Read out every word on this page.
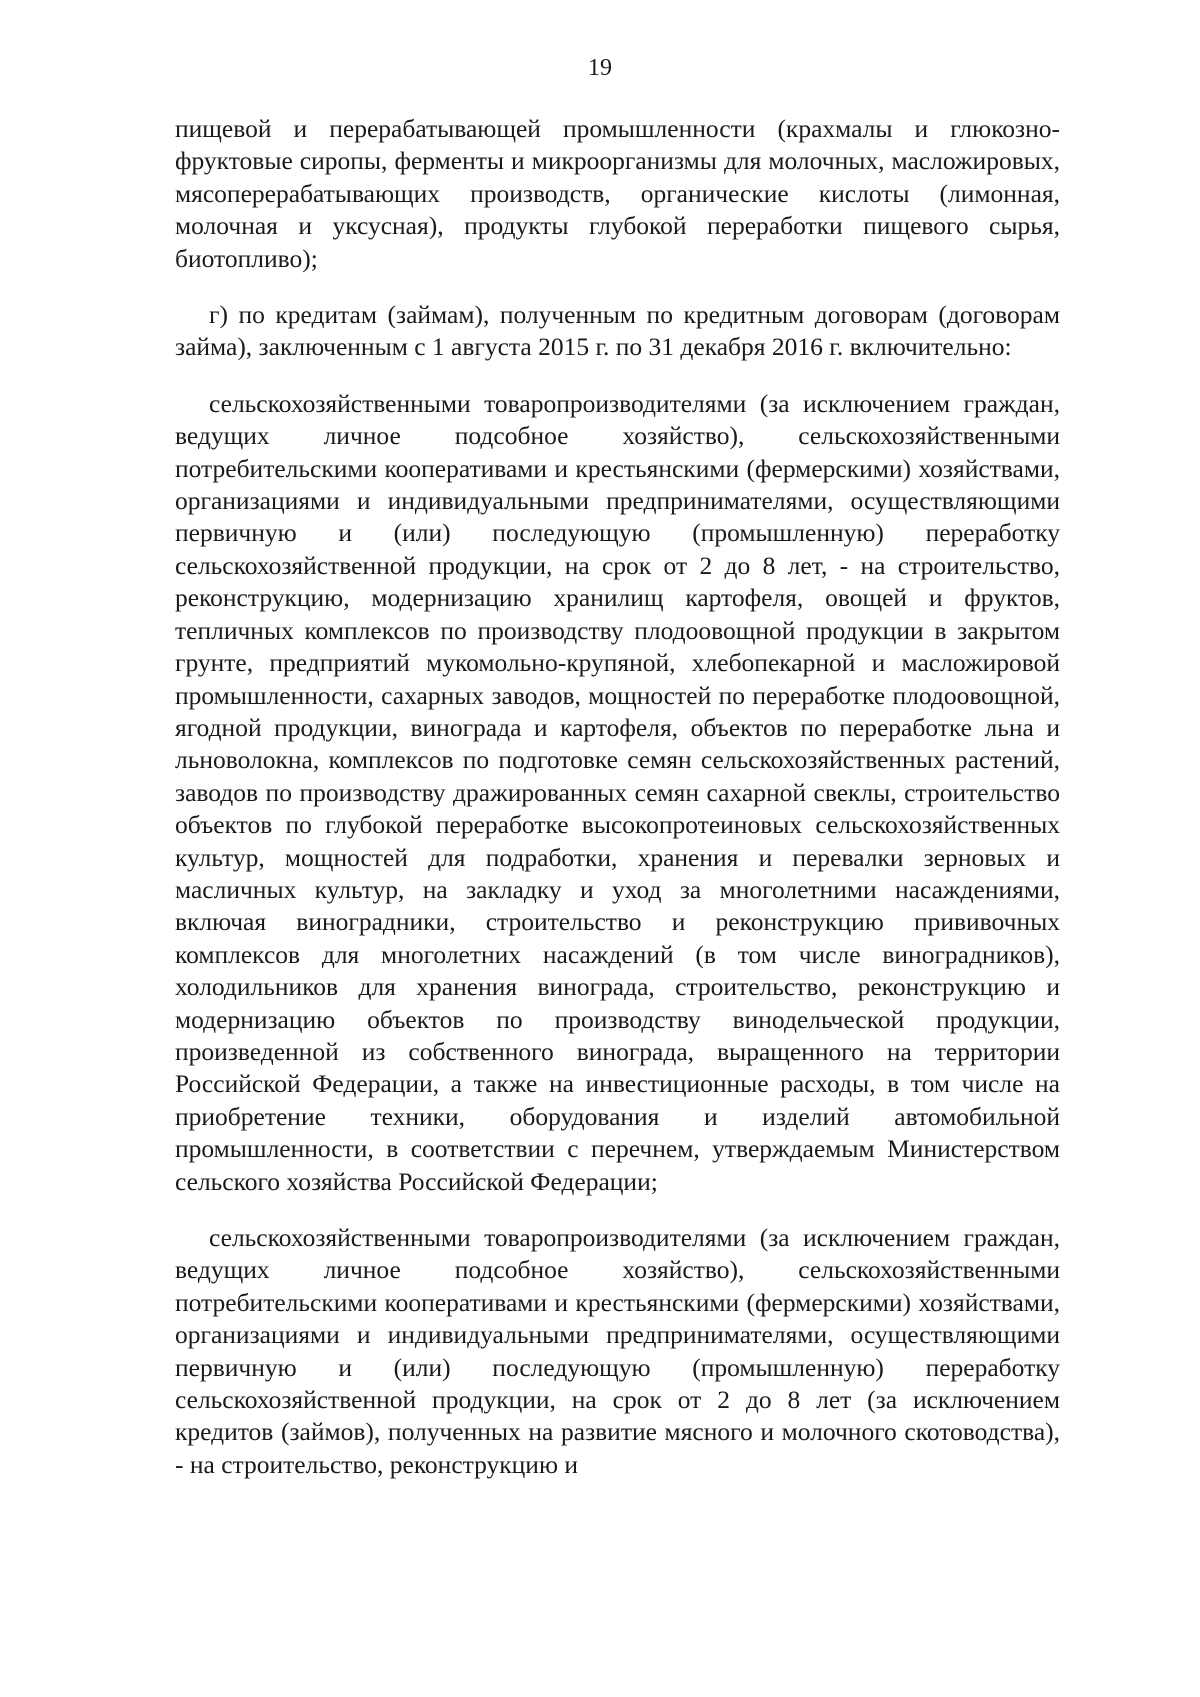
19

пищевой и перерабатывающей промышленности (крахмалы и глюкозно-фруктовые сиропы, ферменты и микроорганизмы для молочных, масложировых, мясоперерабатывающих производств, органические кислоты (лимонная, молочная и уксусная), продукты глубокой переработки пищевого сырья, биотопливо);

г) по кредитам (займам), полученным по кредитным договорам (договорам займа), заключенным с 1 августа 2015 г. по 31 декабря 2016 г. включительно:

сельскохозяйственными товаропроизводителями (за исключением граждан, ведущих личное подсобное хозяйство), сельскохозяйственными потребительскими кооперативами и крестьянскими (фермерскими) хозяйствами, организациями и индивидуальными предпринимателями, осуществляющими первичную и (или) последующую (промышленную) переработку сельскохозяйственной продукции, на срок от 2 до 8 лет, - на строительство, реконструкцию, модернизацию хранилищ картофеля, овощей и фруктов, тепличных комплексов по производству плодоовощной продукции в закрытом грунте, предприятий мукомольно-крупяной, хлебопекарной и масложировой промышленности, сахарных заводов, мощностей по переработке плодоовощной, ягодной продукции, винограда и картофеля, объектов по переработке льна и льноволокна, комплексов по подготовке семян сельскохозяйственных растений, заводов по производству дражированных семян сахарной свеклы, строительство объектов по глубокой переработке высокопротеиновых сельскохозяйственных культур, мощностей для подработки, хранения и перевалки зерновых и масличных культур, на закладку и уход за многолетними насаждениями, включая виноградники, строительство и реконструкцию прививочных комплексов для многолетних насаждений (в том числе виноградников), холодильников для хранения винограда, строительство, реконструкцию и модернизацию объектов по производству винодельческой продукции, произведенной из собственного винограда, выращенного на территории Российской Федерации, а также на инвестиционные расходы, в том числе на приобретение техники, оборудования и изделий автомобильной промышленности, в соответствии с перечнем, утверждаемым Министерством сельского хозяйства Российской Федерации;

сельскохозяйственными товаропроизводителями (за исключением граждан, ведущих личное подсобное хозяйство), сельскохозяйственными потребительскими кооперативами и крестьянскими (фермерскими) хозяйствами, организациями и индивидуальными предпринимателями, осуществляющими первичную и (или) последующую (промышленную) переработку сельскохозяйственной продукции, на срок от 2 до 8 лет (за исключением кредитов (займов), полученных на развитие мясного и молочного скотоводства), - на строительство, реконструкцию и
